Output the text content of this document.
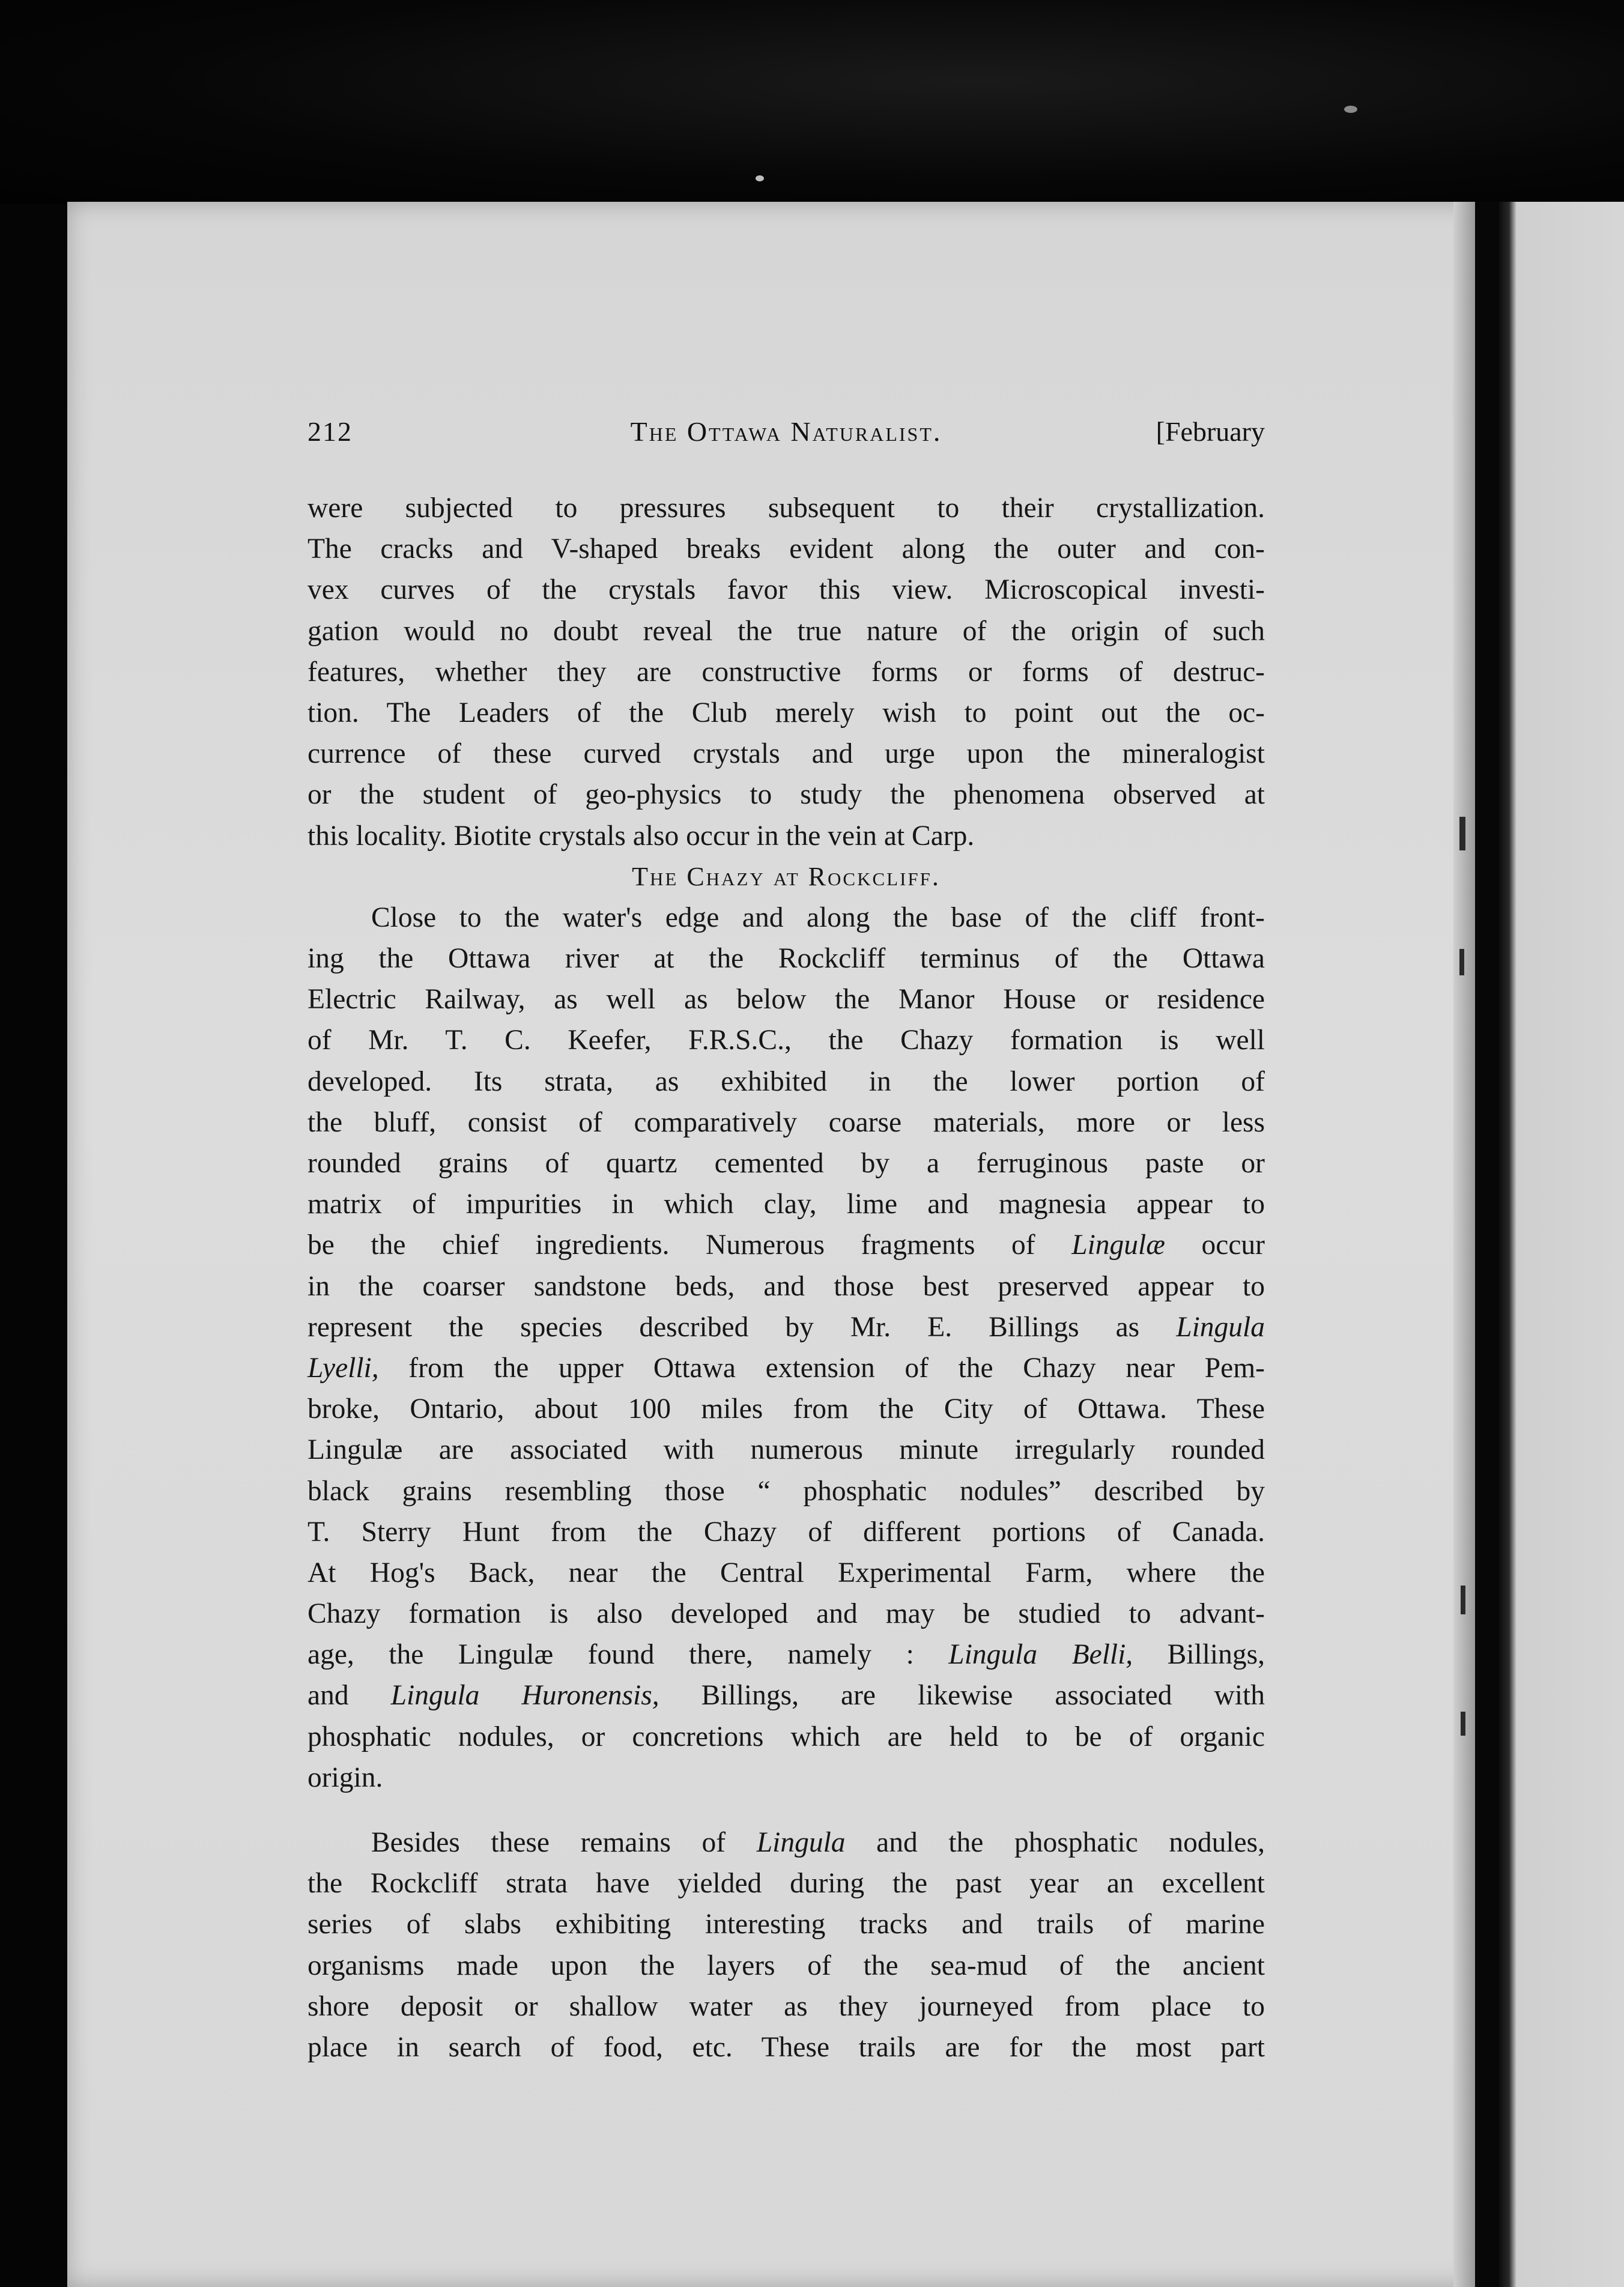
212	The Ottawa Naturalist.	[February
were subjected to pressures subsequent to their crystallization.
The cracks and V-shaped breaks evident along the outer and con-
vex curves of the crystals favor this view. Microscopical investi-
gation would no doubt reveal the true nature of the origin of such
features, whether they are constructive forms or forms of destruc-
tion. The Leaders of the Club merely wish to point out the oc-
currence of these curved crystals and urge upon the mineralogist
or the student of geo-physics to study the phenomena observed at
this locality. Biotite crystals also occur in the vein at Carp.
The Chazy at Rockcliff.
Close to the water's edge and along the base of the cliff front-
ing the Ottawa river at the Rockcliff terminus of the Ottawa
Electric Railway, as well as below the Manor House or residence
of Mr. T. C. Keefer, F.R.S.C., the Chazy formation is well
developed. Its strata, as exhibited in the lower portion of
the bluff, consist of comparatively coarse materials, more or less
rounded grains of quartz cemented by a ferruginous paste or
matrix of impurities in which clay, lime and magnesia appear to
be the chief ingredients. Numerous fragments of Lingulæ occur
in the coarser sandstone beds, and those best preserved appear to
represent the species described by Mr. E. Billings as Lingula
Lyelli, from the upper Ottawa extension of the Chazy near Pem-
broke, Ontario, about 100 miles from the City of Ottawa. These
Lingulæ are associated with numerous minute irregularly rounded
black grains resembling those “ phosphatic nodules” described by
T. Sterry Hunt from the Chazy of different portions of Canada.
At Hog's Back, near the Central Experimental Farm, where the
Chazy formation is also developed and may be studied to advant-
age, the Lingulæ found there, namely : Lingula Belli, Billings,
and Lingula Huronensis, Billings, are likewise associated with
phosphatic nodules, or concretions which are held to be of organic
origin.
Besides these remains of Lingula and the phosphatic nodules,
the Rockcliff strata have yielded during the past year an excellent
series of slabs exhibiting interesting tracks and trails of marine
organisms made upon the layers of the sea-mud of the ancient
shore deposit or shallow water as they journeyed from place to
place in search of food, etc. These trails are for the most part
